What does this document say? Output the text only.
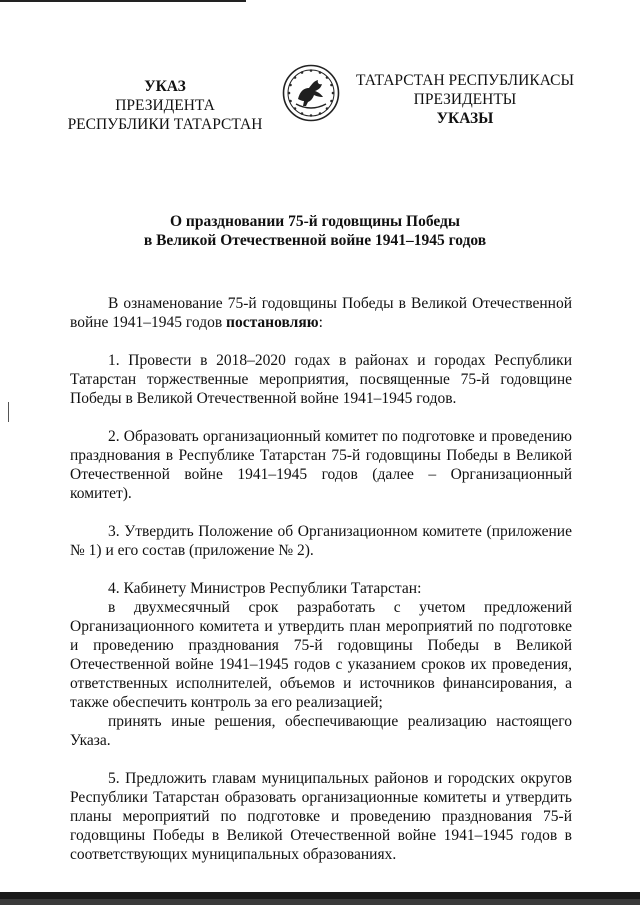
УКАЗ
ПРЕЗИДЕНТА
РЕСПУБЛИКИ ТАТАРСТАН
ТАТАРСТАН РЕСПУБЛИКАСЫ
ПРЕЗИДЕНТЫ
УКАЗЫ
О праздновании 75-й годовщины Победы
в Великой Отечественной войне 1941–1945 годов

В ознаменование 75-й годовщины Победы в Великой Отечественной войне 1941–1945 годов постановляю:

1. Провести в 2018–2020 годах в районах и городах Республики Татарстан торжественные мероприятия, посвященные 75-й годовщине Победы в Великой Отечественной войне 1941–1945 годов.

2. Образовать организационный комитет по подготовке и проведению празднования в Республике Татарстан 75-й годовщины Победы в Великой Отечественной войне 1941–1945 годов (далее – Организационный комитет).

3. Утвердить Положение об Организационном комитете (приложение № 1) и его состав (приложение № 2).

4. Кабинету Министров Республики Татарстан:

в двухмесячный срок разработать с учетом предложений Организационного комитета и утвердить план мероприятий по подготовке и проведению празднования 75-й годовщины Победы в Великой Отечественной войне 1941–1945 годов с указанием сроков их проведения, ответственных исполнителей, объемов и источников финансирования, а также обеспечить контроль за его реализацией;

принять иные решения, обеспечивающие реализацию настоящего Указа.

5. Предложить главам муниципальных районов и городских округов Республики Татарстан образовать организационные комитеты и утвердить планы мероприятий по подготовке и проведению празднования 75-й годовщины Победы в Великой Отечественной войне 1941–1945 годов в соответствующих муниципальных образованиях.
